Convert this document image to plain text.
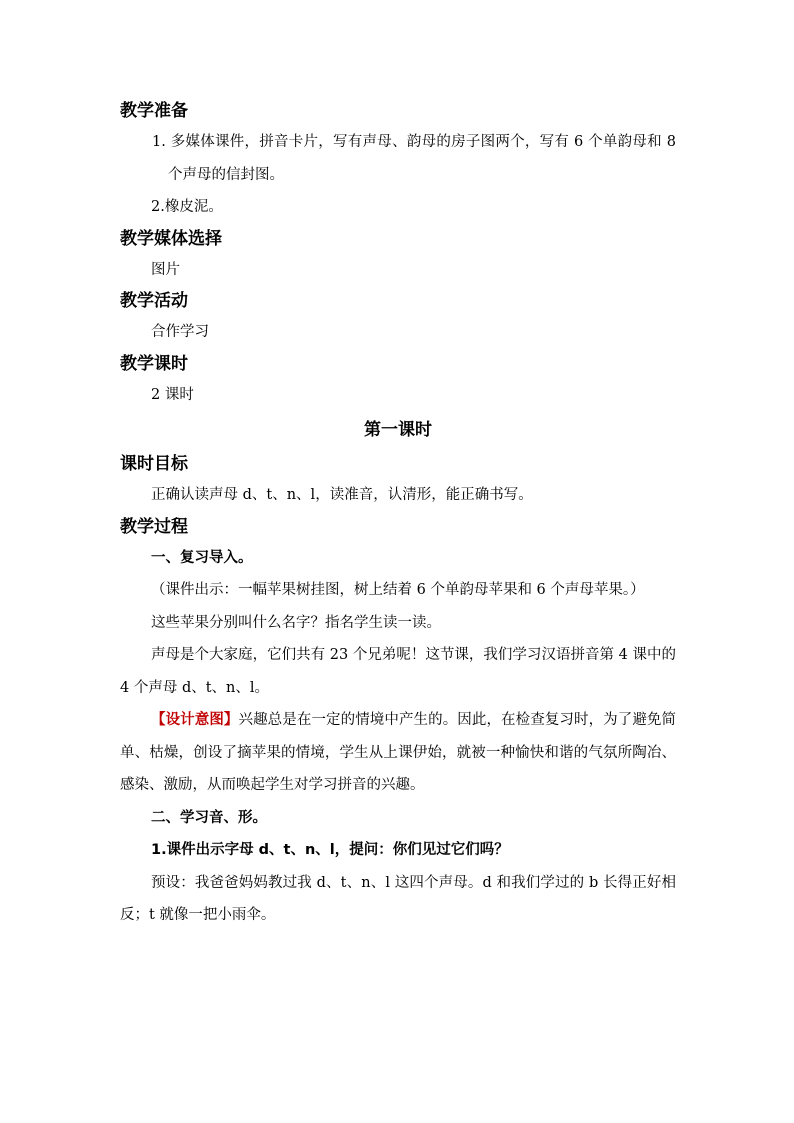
教学准备

1. 多媒体课件，拼音卡片，写有声母、韵母的房子图两个，写有 6 个单韵母和 8 个声母的信封图。

2.橡皮泥。

教学媒体选择

图片

教学活动

合作学习

教学课时

2 课时

第一课时
课时目标

正确认读声母 d、t、n、l，读准音，认清形，能正确书写。

教学过程

一、复习导入。

（课件出示：一幅苹果树挂图，树上结着 6 个单韵母苹果和 6 个声母苹果。）

这些苹果分别叫什么名字？指名学生读一读。

声母是个大家庭，它们共有 23 个兄弟呢！这节课，我们学习汉语拼音第 4 课中的 4 个声母 d、t、n、l。

【设计意图】兴趣总是在一定的情境中产生的。因此，在检查复习时，为了避免简单、枯燥，创设了摘苹果的情境，学生从上课伊始，就被一种愉快和谐的气氛所陶冶、感染、激励，从而唤起学生对学习拼音的兴趣。

二、学习音、形。

1.课件出示字母 d、t、n、l，提问：你们见过它们吗？

预设：我爸爸妈妈教过我 d、t、n、l 这四个声母。d 和我们学过的 b 长得正好相反；t 就像一把小雨伞。
